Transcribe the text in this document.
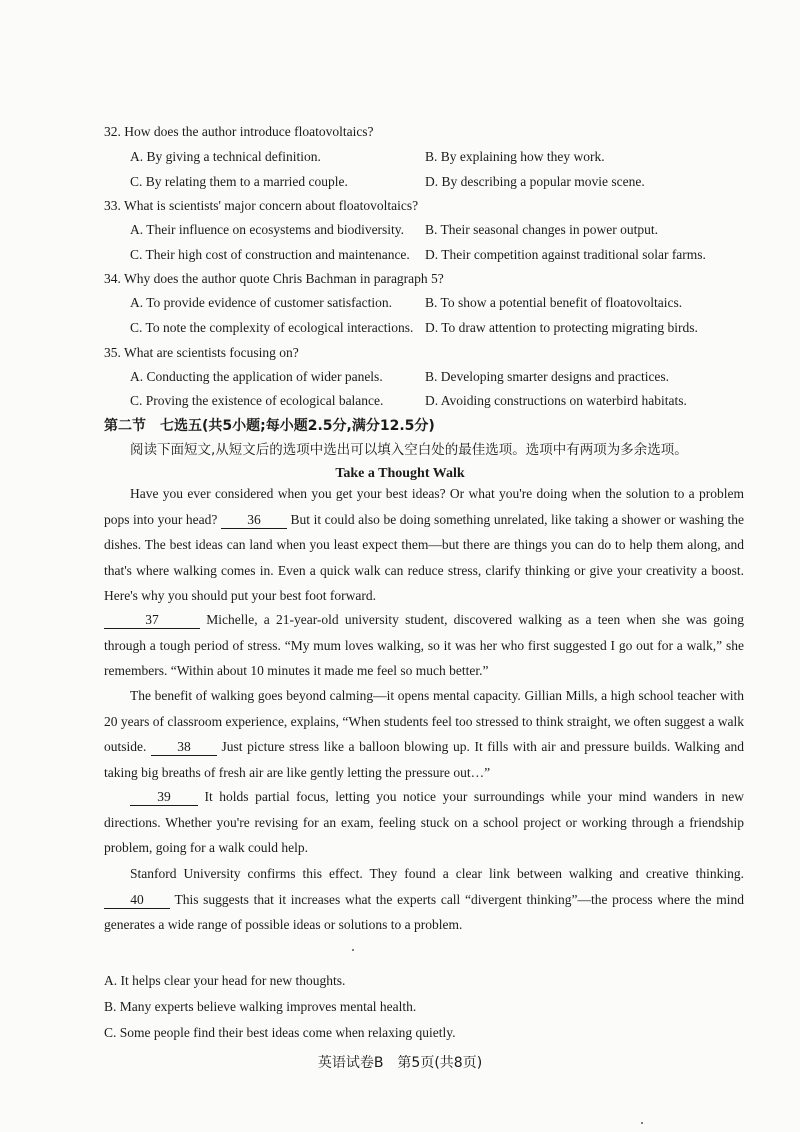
32. How does the author introduce floatovoltaics?
A. By giving a technical definition.	B. By explaining how they work.
C. By relating them to a married couple.	D. By describing a popular movie scene.
33. What is scientists' major concern about floatovoltaics?
A. Their influence on ecosystems and biodiversity. B. Their seasonal changes in power output.
C. Their high cost of construction and maintenance. D. Their competition against traditional solar farms.
34. Why does the author quote Chris Bachman in paragraph 5?
A. To provide evidence of customer satisfaction. B. To show a potential benefit of floatovoltaics.
C. To note the complexity of ecological interactions. D. To draw attention to protecting migrating birds.
35. What are scientists focusing on?
A. Conducting the application of wider panels.	B. Developing smarter designs and practices.
C. Proving the existence of ecological balance.	D. Avoiding constructions on waterbird habitats.
第二节　七选五(共5小题;每小题2.5分,满分12.5分)
阅读下面短文,从短文后的选项中选出可以填入空白处的最佳选项。选项中有两项为多余选项。
Take a Thought Walk

Have you ever considered when you get your best ideas? Or what you're doing when the solution to a problem pops into your head? 36 But it could also be doing something unrelated, like taking a shower or washing the dishes. The best ideas can land when you least expect them—but there are things you can do to help them along, and that's where walking comes in. Even a quick walk can reduce stress, clarify thinking or give your creativity a boost. Here's why you should put your best foot forward.

37	Michelle, a 21-year-old university student, discovered walking as a teen when she was going through a tough period of stress. “My mum loves walking, so it was her who first suggested I go out for a walk,” she remembers. “Within about 10 minutes it made me feel so much better.”

The benefit of walking goes beyond calming—it opens mental capacity. Gillian Mills, a high school teacher with 20 years of classroom experience, explains, “When students feel too stressed to think straight, we often suggest a walk outside. 38 Just picture stress like a balloon blowing up. It fills with air and pressure builds. Walking and taking big breaths of fresh air are like gently letting the pressure out…”

39	It holds partial focus, letting you notice your surroundings while your mind wanders in new directions. Whether you're revising for an exam, feeling stuck on a school project or working through a friendship problem, going for a walk could help.

Stanford University confirms this effect. They found a clear link between walking and creative thinking. 40 This suggests that it increases what the experts call “divergent thinking”—the process where the mind generates a wide range of possible ideas or solutions to a problem.

A. It helps clear your head for new thoughts.
B. Many experts believe walking improves mental health.
C. Some people find their best ideas come when relaxing quietly.
英语试卷B　第5页(共8页)
